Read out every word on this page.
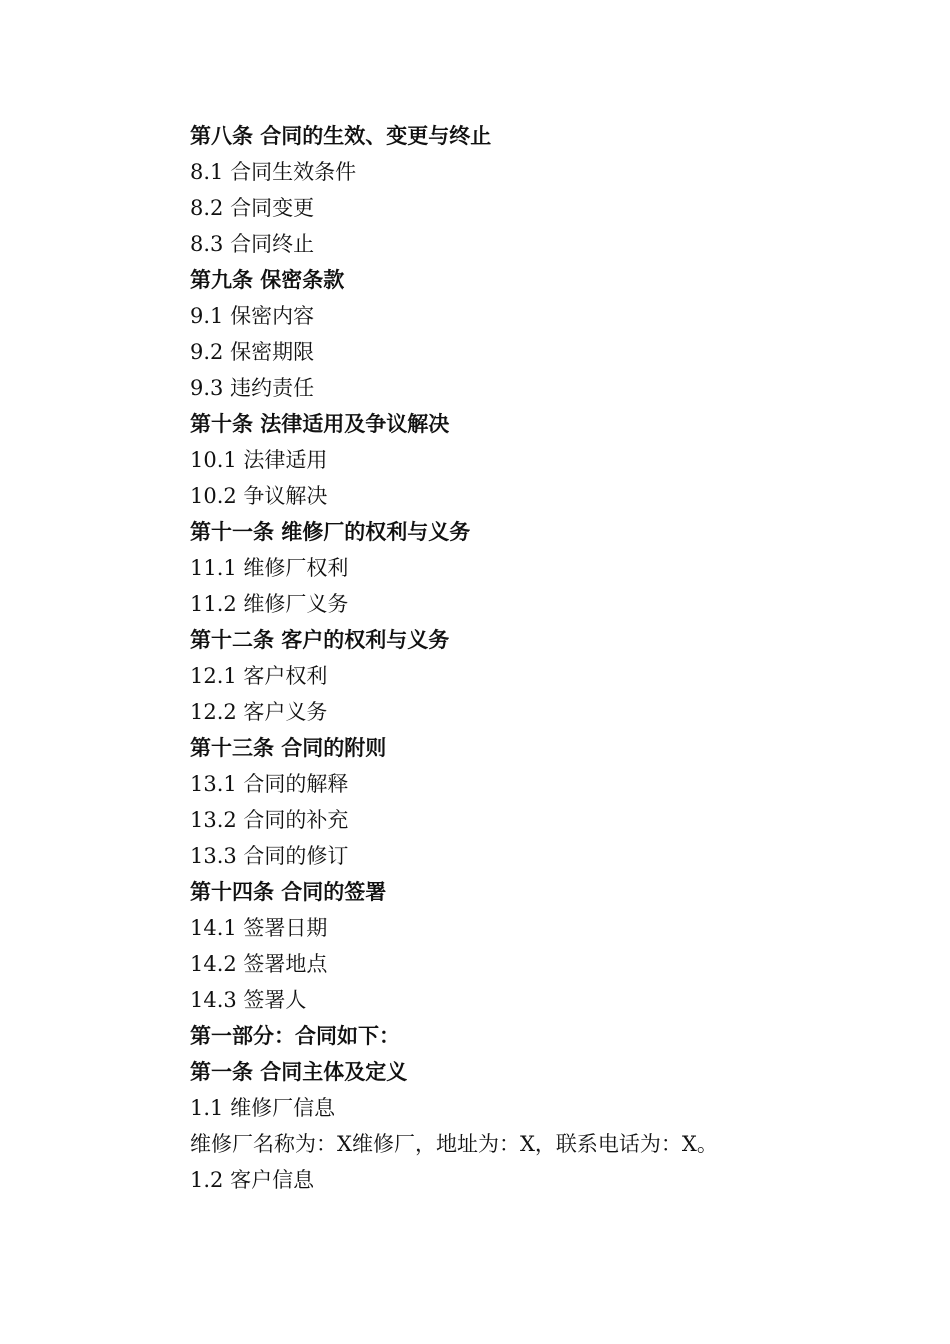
第八条 合同的生效、变更与终止
8.1 合同生效条件
8.2 合同变更
8.3 合同终止
第九条 保密条款
9.1 保密内容
9.2 保密期限
9.3 违约责任
第十条 法律适用及争议解决
10.1 法律适用
10.2 争议解决
第十一条 维修厂的权利与义务
11.1 维修厂权利
11.2 维修厂义务
第十二条 客户的权利与义务
12.1 客户权利
12.2 客户义务
第十三条 合同的附则
13.1 合同的解释
13.2 合同的补充
13.3 合同的修订
第十四条 合同的签署
14.1 签署日期
14.2 签署地点
14.3 签署人
第一部分：合同如下：
第一条 合同主体及定义
1.1 维修厂信息
维修厂名称为：X维修厂，地址为：X，联系电话为：X。
1.2 客户信息
